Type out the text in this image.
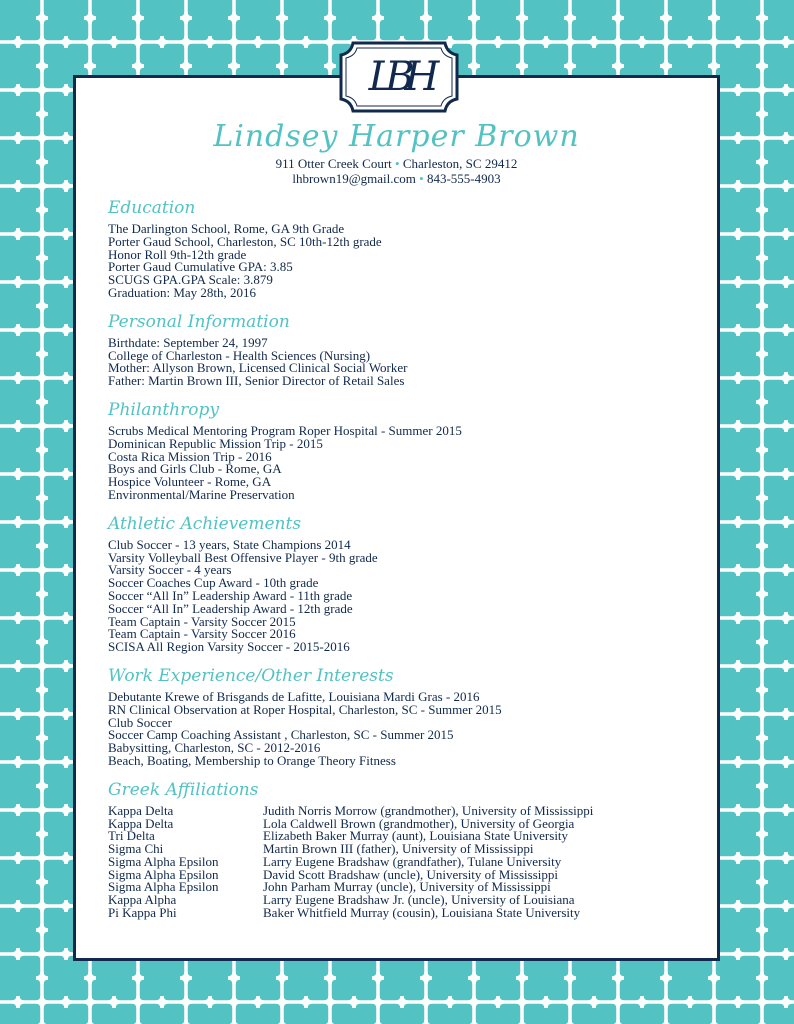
LBH
Lindsey Harper Brown
911 Otter Creek Court • Charleston, SC 29412
lhbrown19@gmail.com • 843-555-4903
Education
The Darlington School, Rome, GA 9th Grade
Porter Gaud School, Charleston, SC 10th-12th grade
Honor Roll 9th-12th grade
Porter Gaud Cumulative GPA: 3.85
SCUGS GPA.GPA Scale: 3.879
Graduation: May 28th, 2016
Personal Information
Birthdate: September 24, 1997
College of Charleston - Health Sciences (Nursing)
Mother: Allyson Brown, Licensed Clinical Social Worker
Father: Martin Brown III, Senior Director of Retail Sales
Philanthropy
Scrubs Medical Mentoring Program Roper Hospital - Summer 2015
Dominican Republic Mission Trip - 2015
Costa Rica Mission Trip - 2016
Boys and Girls Club - Rome, GA
Hospice Volunteer - Rome, GA
Environmental/Marine Preservation
Athletic Achievements
Club Soccer - 13 years, State Champions 2014
Varsity Volleyball Best Offensive Player - 9th grade
Varsity Soccer - 4 years
Soccer Coaches Cup Award - 10th grade
Soccer “All In” Leadership Award - 11th grade
Soccer “All In” Leadership Award - 12th grade
Team Captain - Varsity Soccer 2015
Team Captain - Varsity Soccer 2016
SCISA All Region Varsity Soccer - 2015-2016
Work Experience/Other Interests
Debutante Krewe of Brisgands de Lafitte, Louisiana Mardi Gras - 2016
RN Clinical Observation at Roper Hospital, Charleston, SC - Summer 2015
Club Soccer
Soccer Camp Coaching Assistant , Charleston, SC - Summer 2015
Babysitting, Charleston, SC - 2012-2016
Beach, Boating, Membership to Orange Theory Fitness
Greek Affiliations
Kappa Delta	Judith Norris Morrow (grandmother), University of Mississippi
Kappa Delta	Lola Caldwell Brown (grandmother), University of Georgia
Tri Delta	Elizabeth Baker Murray (aunt), Louisiana State University
Sigma Chi	Martin Brown III (father), University of Mississippi
Sigma Alpha Epsilon	Larry Eugene Bradshaw (grandfather), Tulane University
Sigma Alpha Epsilon	David Scott Bradshaw (uncle), University of Mississippi
Sigma Alpha Epsilon	John Parham Murray (uncle), University of Mississippi
Kappa Alpha	Larry Eugene Bradshaw Jr. (uncle), University of Louisiana
Pi Kappa Phi	Baker Whitfield Murray (cousin), Louisiana State University
